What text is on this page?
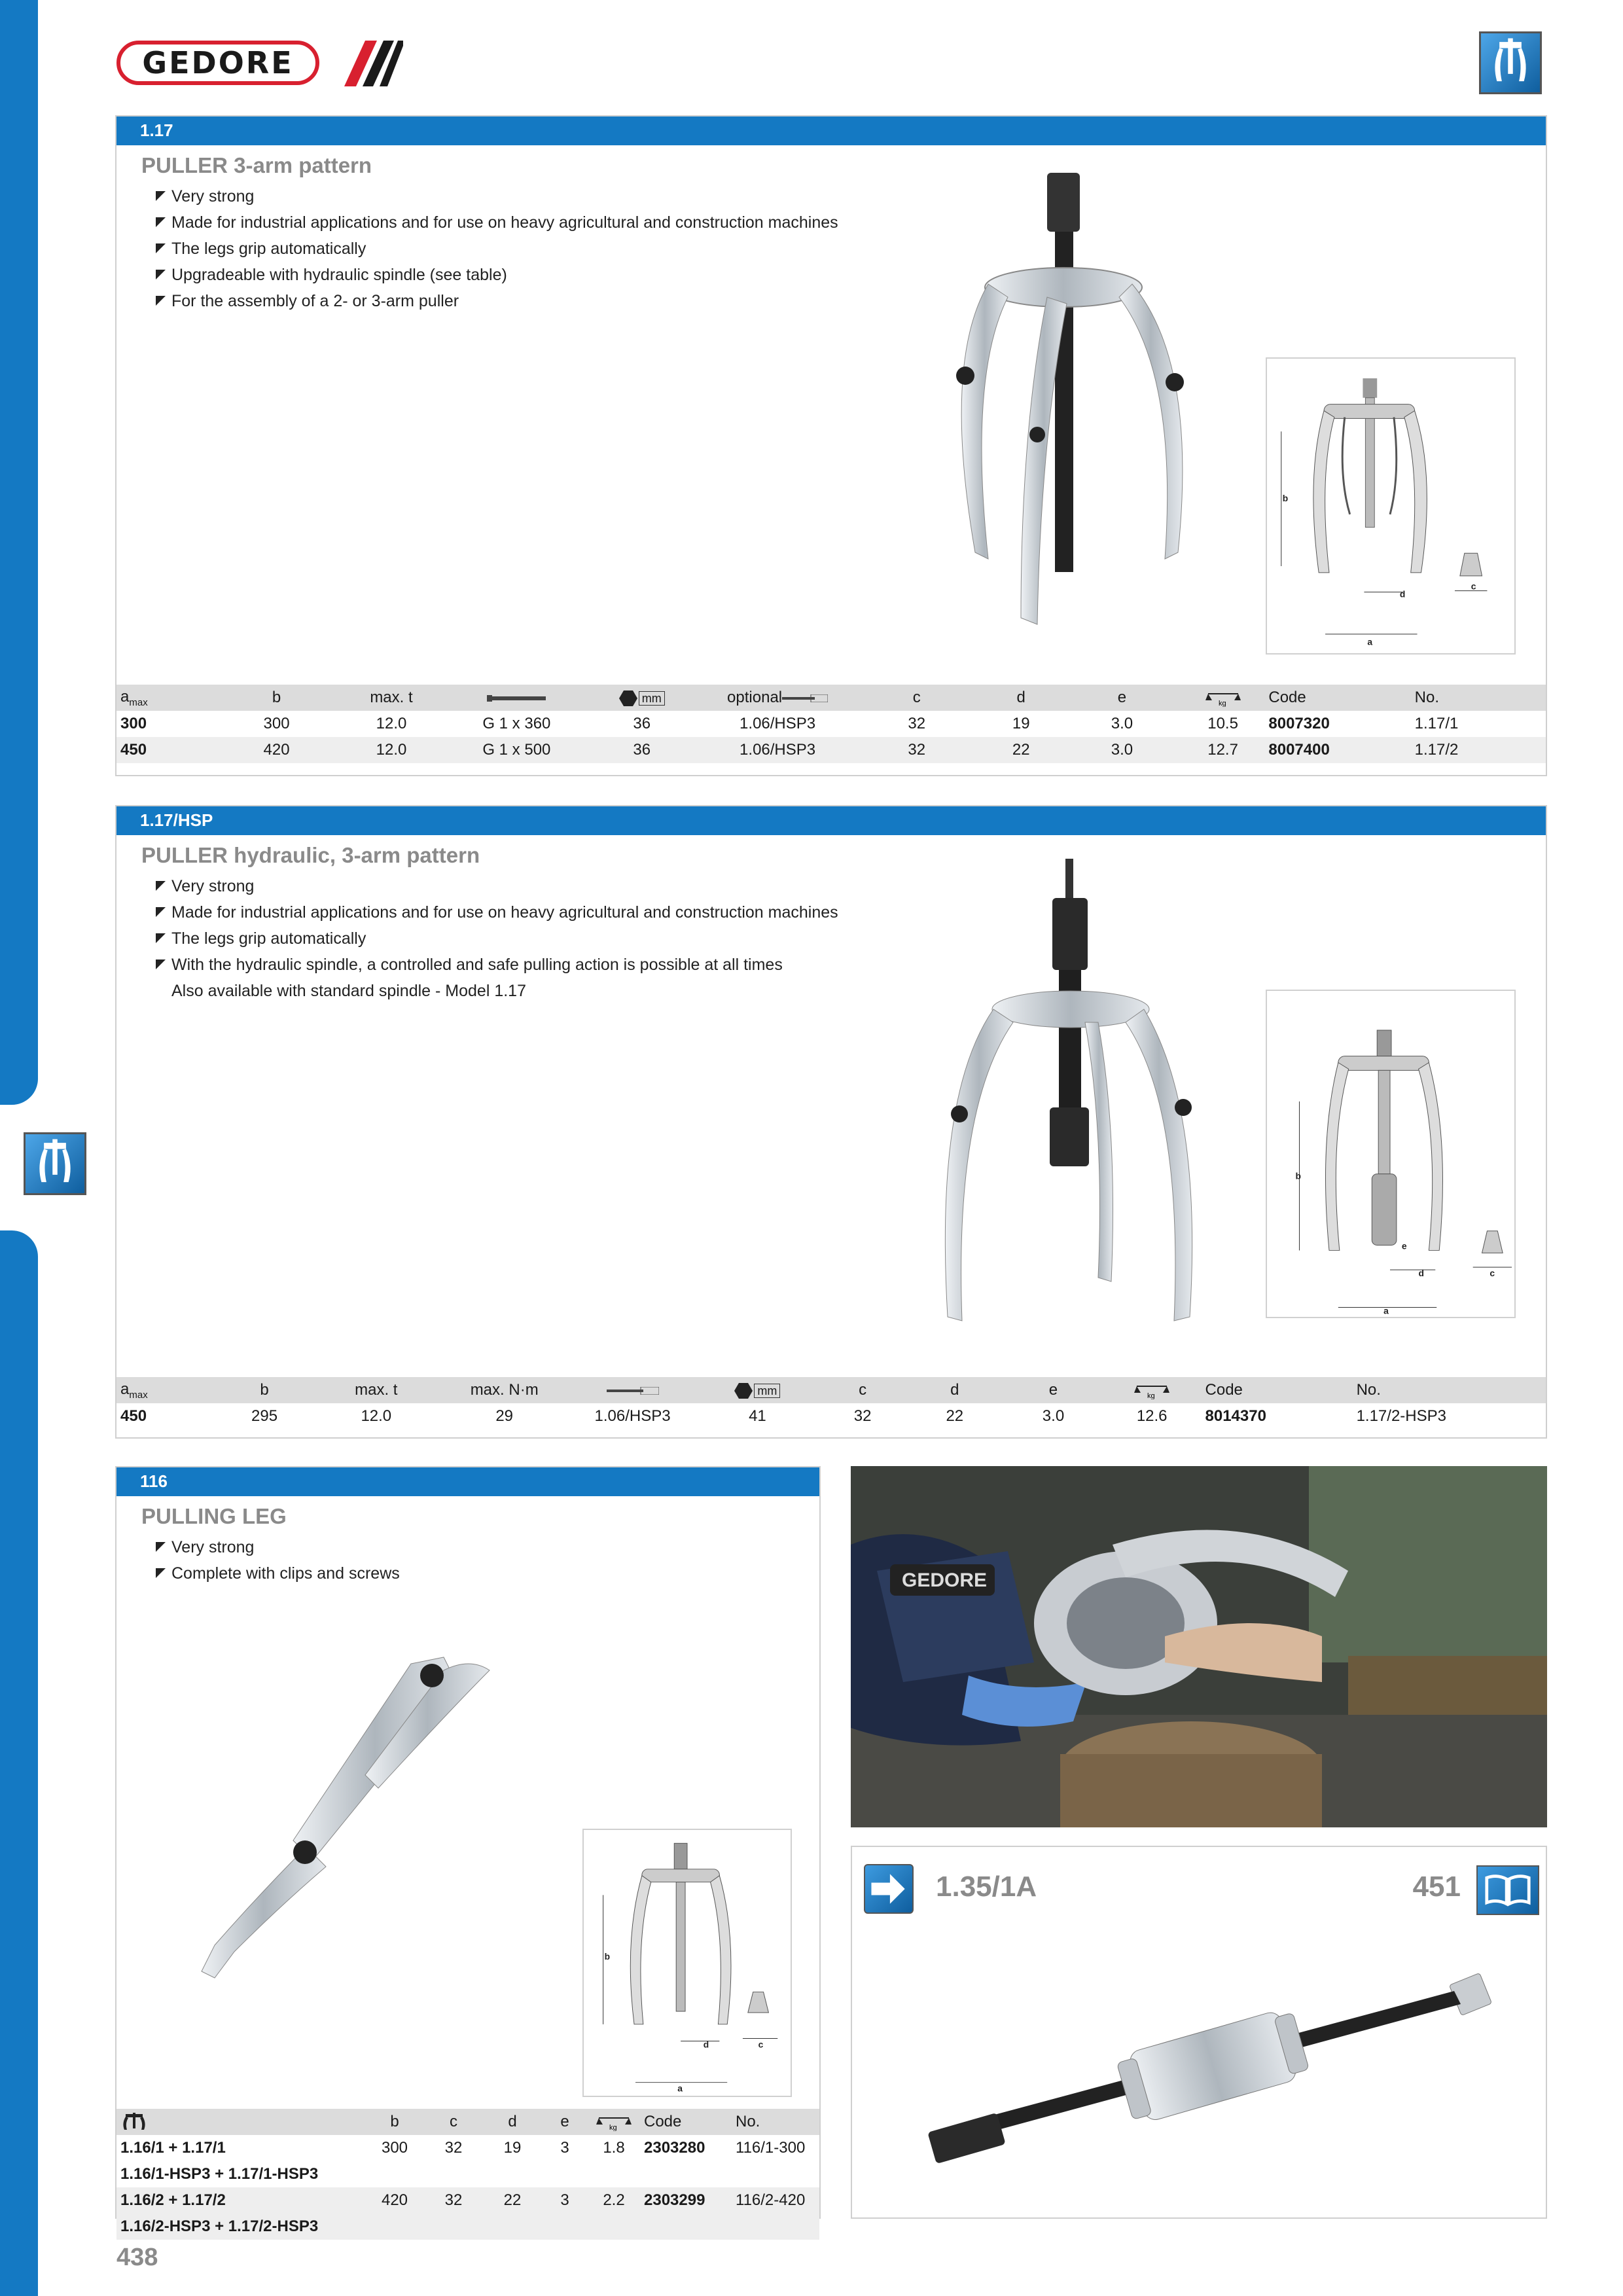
GEDORE
1.17
PULLER 3-arm pattern
Very strong
Made for industrial applications and for use on heavy agricultural and construction machines
The legs grip automatically
Upgradeable with hydraulic spindle (see table)
For the assembly of a 2- or 3-arm puller
b
d
c
a
$a_{max}$	b	max. t		mm	optional	c	d	e	kg	Code	No.
300	300	12.0	G 1 x 360	36	1.06/HSP3	32	19	3.0	10.5	8007320	1.17/1
450	420	12.0	G 1 x 500	36	1.06/HSP3	32	22	3.0	12.7	8007400	1.17/2
1.17/HSP
PULLER hydraulic, 3-arm pattern
Very strong
Made for industrial applications and for use on heavy agricultural and construction machines
The legs grip automatically
With the hydraulic spindle, a controlled and safe pulling action is possible at all times
Also available with standard spindle - Model 1.17
b
e
d	c
a
$a_{max}$	b	max. t	max. N·m		mm	c	d	e	kg	Code	No.
450	295	12.0	29	1.06/HSP3	41	32	22	3.0	12.6	8014370	1.17/2-HSP3
116
PULLING LEG
Very strong
Complete with clips and screws
b
d	c
a
	b	c	d	e	kg	Code	No.
1.16/1 + 1.17/1	300	32	19	3	1.8	2303280	116/1-300
1.16/1-HSP3 + 1.17/1-HSP3							
1.16/2 + 1.17/2	420	32	22	3	2.2	2303299	116/2-420
1.16/2-HSP3 + 1.17/2-HSP3							
GEDORE
1.35/1A	451
438
